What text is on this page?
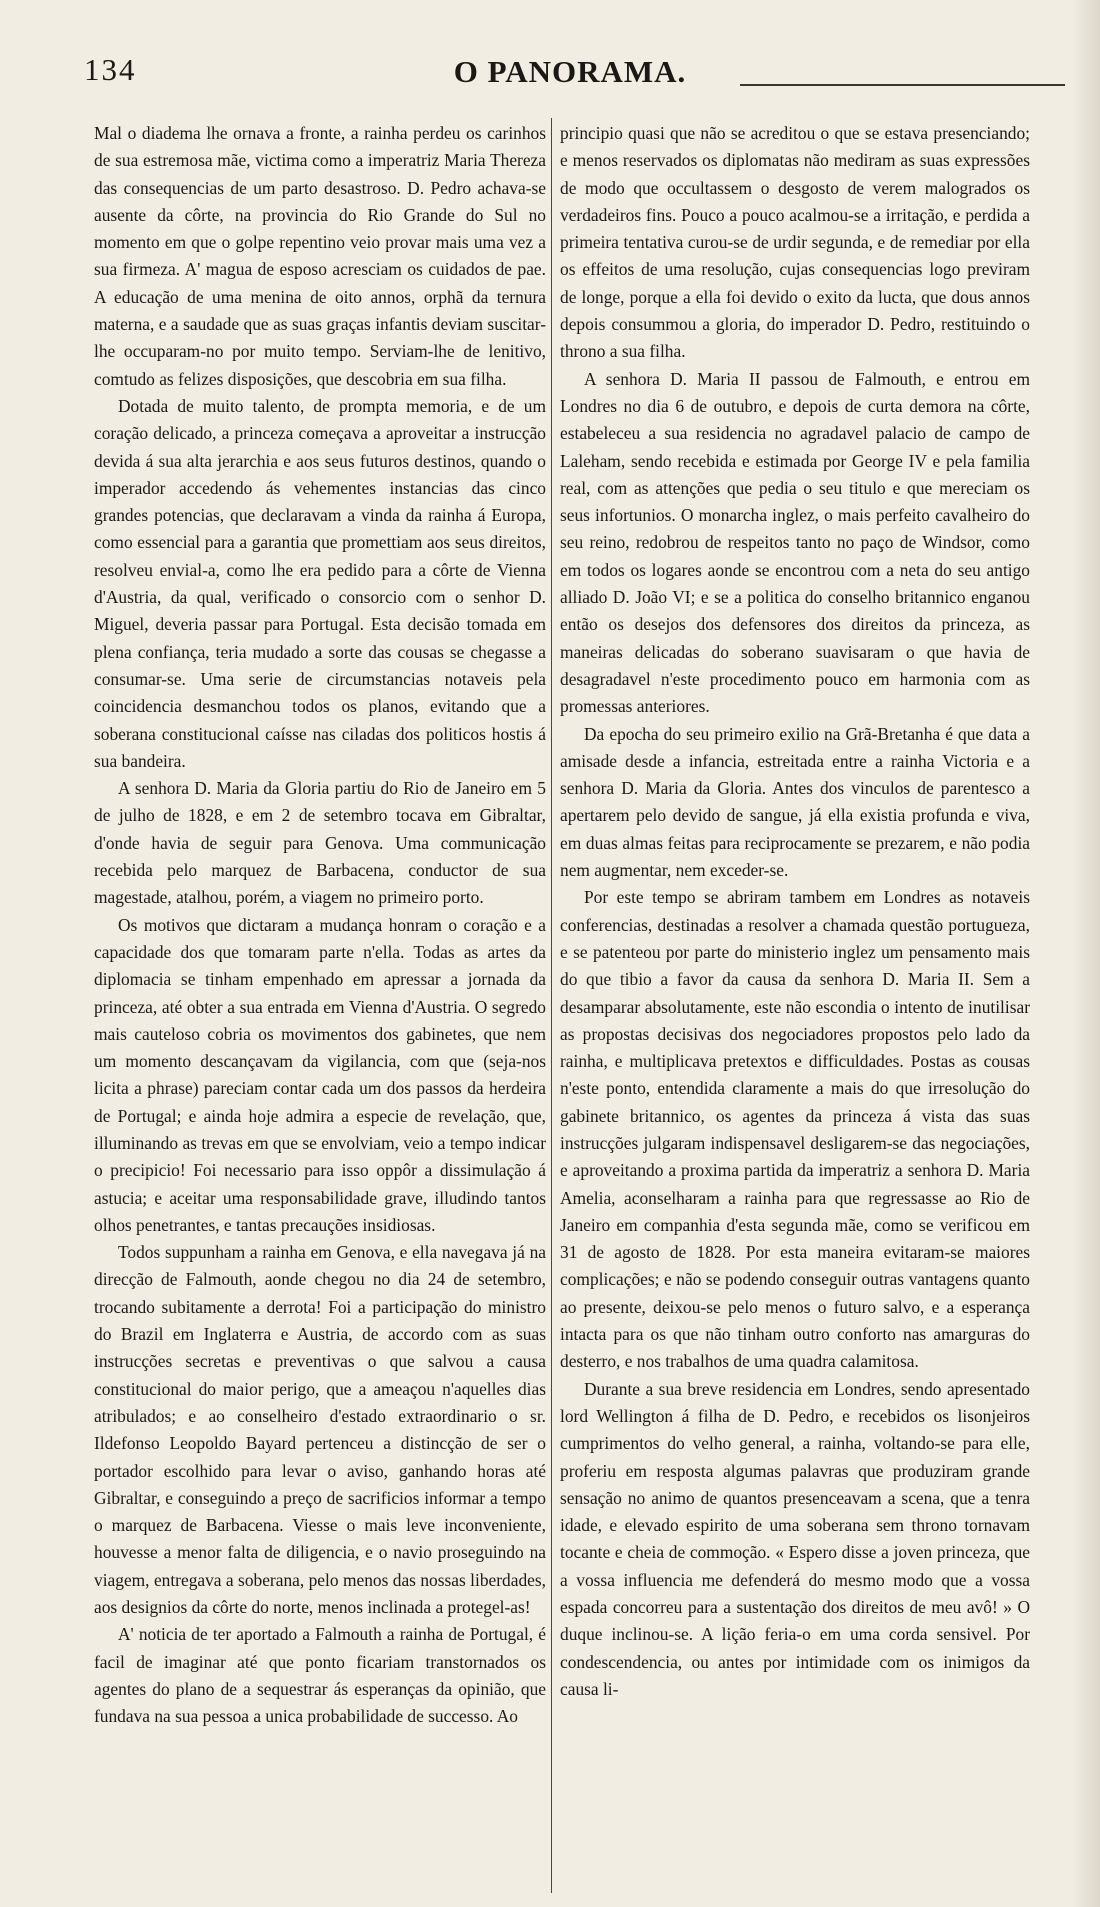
134	O PANORAMA.

Mal o diadema lhe ornava a fronte, a rainha perdeu os carinhos de sua estremosa mãe, victima como a imperatriz Maria Thereza das consequencias de um parto desastroso. D. Pedro achava-se ausente da côrte, na provincia do Rio Grande do Sul no momento em que o golpe repentino veio provar mais uma vez a sua firmeza. A' magua de esposo acresciam os cuidados de pae. A educação de uma menina de oito annos, orphã da ternura materna, e a saudade que as suas graças infantis deviam suscitar-lhe occuparam-no por muito tempo. Serviam-lhe de lenitivo, comtudo as felizes disposições, que descobria em sua filha.

Dotada de muito talento, de prompta memoria, e de um coração delicado, a princeza começava a aproveitar a instrucção devida á sua alta jerarchia e aos seus futuros destinos, quando o imperador accedendo ás vehementes instancias das cinco grandes potencias, que declaravam a vinda da rainha á Europa, como essencial para a garantia que promettiam aos seus direitos, resolveu envial-a, como lhe era pedido para a côrte de Vienna d'Austria, da qual, verificado o consorcio com o senhor D. Miguel, deveria passar para Portugal. Esta decisão tomada em plena confiança, teria mudado a sorte das cousas se chegasse a consumar-se. Uma serie de circumstancias notaveis pela coincidencia desmanchou todos os planos, evitando que a soberana constitucional caísse nas ciladas dos politicos hostis á sua bandeira.

A senhora D. Maria da Gloria partiu do Rio de Janeiro em 5 de julho de 1828, e em 2 de setembro tocava em Gibraltar, d'onde havia de seguir para Genova. Uma communicação recebida pelo marquez de Barbacena, conductor de sua magestade, atalhou, porém, a viagem no primeiro porto.

Os motivos que dictaram a mudança honram o coração e a capacidade dos que tomaram parte n'ella. Todas as artes da diplomacia se tinham empenhado em apressar a jornada da princeza, até obter a sua entrada em Vienna d'Austria. O segredo mais cauteloso cobria os movimentos dos gabinetes, que nem um momento descançavam da vigilancia, com que (seja-nos licita a phrase) pareciam contar cada um dos passos da herdeira de Portugal; e ainda hoje admira a especie de revelação, que, illuminando as trevas em que se envolviam, veio a tempo indicar o precipicio! Foi necessario para isso oppôr a dissimulação á astucia; e aceitar uma responsabilidade grave, illudindo tantos olhos penetrantes, e tantas precauções insidiosas.

Todos suppunham a rainha em Genova, e ella navegava já na direcção de Falmouth, aonde chegou no dia 24 de setembro, trocando subitamente a derrota! Foi a participação do ministro do Brazil em Inglaterra e Austria, de accordo com as suas instrucções secretas e preventivas o que salvou a causa constitucional do maior perigo, que a ameaçou n'aquelles dias atribulados; e ao conselheiro d'estado extraordinario o sr. Ildefonso Leopoldo Bayard pertenceu a distincção de ser o portador escolhido para levar o aviso, ganhando horas até Gibraltar, e conseguindo a preço de sacrificios informar a tempo o marquez de Barbacena. Viesse o mais leve inconveniente, houvesse a menor falta de diligencia, e o navio proseguindo na viagem, entregava a soberana, pelo menos das nossas liberdades, aos designios da côrte do norte, menos inclinada a protegel-as!

A' noticia de ter aportado a Falmouth a rainha de Portugal, é facil de imaginar até que ponto ficariam transtornados os agentes do plano de a sequestrar ás esperanças da opinião, que fundava na sua pessoa a unica probabilidade de successo. Ao

principio quasi que não se acreditou o que se estava presenciando; e menos reservados os diplomatas não mediram as suas expressões de modo que occultassem o desgosto de verem malogrados os verdadeiros fins. Pouco a pouco acalmou-se a irritação, e perdida a primeira tentativa curou-se de urdir segunda, e de remediar por ella os effeitos de uma resolução, cujas consequencias logo previram de longe, porque a ella foi devido o exito da lucta, que dous annos depois consummou a gloria, do imperador D. Pedro, restituindo o throno a sua filha.

A senhora D. Maria II passou de Falmouth, e entrou em Londres no dia 6 de outubro, e depois de curta demora na côrte, estabeleceu a sua residencia no agradavel palacio de campo de Laleham, sendo recebida e estimada por George IV e pela familia real, com as attenções que pedia o seu titulo e que mereciam os seus infortunios. O monarcha inglez, o mais perfeito cavalheiro do seu reino, redobrou de respeitos tanto no paço de Windsor, como em todos os logares aonde se encontrou com a neta do seu antigo alliado D. João VI; e se a politica do conselho britannico enganou então os desejos dos defensores dos direitos da princeza, as maneiras delicadas do soberano suavisaram o que havia de desagradavel n'este procedimento pouco em harmonia com as promessas anteriores.

Da epocha do seu primeiro exilio na Grã-Bretanha é que data a amisade desde a infancia, estreitada entre a rainha Victoria e a senhora D. Maria da Gloria. Antes dos vinculos de parentesco a apertarem pelo devido de sangue, já ella existia profunda e viva, em duas almas feitas para reciprocamente se prezarem, e não podia nem augmentar, nem exceder-se.

Por este tempo se abriram tambem em Londres as notaveis conferencias, destinadas a resolver a chamada questão portugueza, e se patenteou por parte do ministerio inglez um pensamento mais do que tibio a favor da causa da senhora D. Maria II. Sem a desamparar absolutamente, este não escondia o intento de inutilisar as propostas decisivas dos negociadores propostos pelo lado da rainha, e multiplicava pretextos e difficuldades. Postas as cousas n'este ponto, entendida claramente a mais do que irresolução do gabinete britannico, os agentes da princeza á vista das suas instrucções julgaram indispensavel desligarem-se das negociações, e aproveitando a proxima partida da imperatriz a senhora D. Maria Amelia, aconselharam a rainha para que regressasse ao Rio de Janeiro em companhia d'esta segunda mãe, como se verificou em 31 de agosto de 1828. Por esta maneira evitaram-se maiores complicações; e não se podendo conseguir outras vantagens quanto ao presente, deixou-se pelo menos o futuro salvo, e a esperança intacta para os que não tinham outro conforto nas amarguras do desterro, e nos trabalhos de uma quadra calamitosa.

Durante a sua breve residencia em Londres, sendo apresentado lord Wellington á filha de D. Pedro, e recebidos os lisonjeiros cumprimentos do velho general, a rainha, voltando-se para elle, proferiu em resposta algumas palavras que produziram grande sensação no animo de quantos presenceavam a scena, que a tenra idade, e elevado espirito de uma soberana sem throno tornavam tocante e cheia de commoção. « Espero disse a joven princeza, que a vossa influencia me defenderá do mesmo modo que a vossa espada concorreu para a sustentação dos direitos de meu avô! » O duque inclinou-se. A lição feria-o em uma corda sensivel. Por condescendencia, ou antes por intimidade com os inimigos da causa li-
